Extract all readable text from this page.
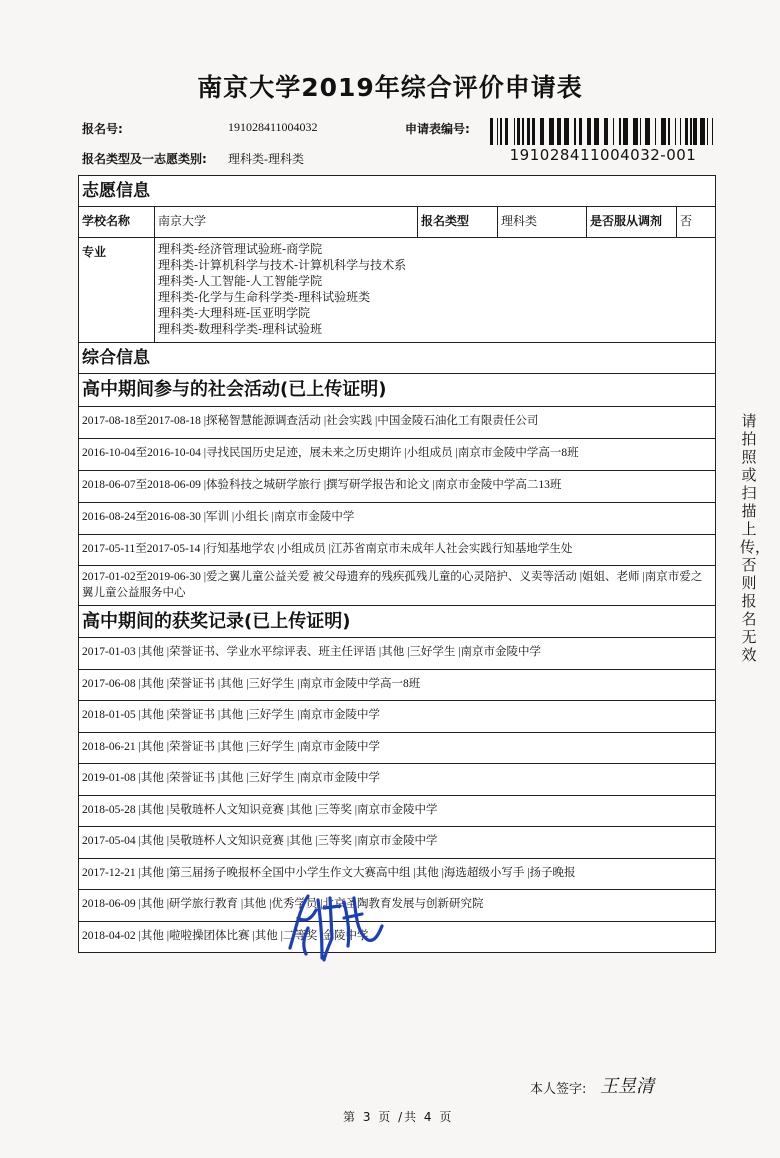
南京大学2019年综合评价申请表
报名号:	191028411004032	申请表编号:
191028411004032-001
报名类型及一志愿类别: 理科类-理科类
志愿信息
学校名称	南京大学	报名类型	理科类	是否服从调剂	否
专业	理科类-经济管理试验班-商学院
理科类-计算机科学与技术-计算机科学与技术系
理科类-人工智能-人工智能学院
理科类-化学与生命科学类-理科试验班类
理科类-大理科班-匡亚明学院
理科类-数理科学类-理科试验班
综合信息
高中期间参与的社会活动(已上传证明)
2017-08-18至2017-08-18 |探秘智慧能源调查活动 |社会实践 |中国金陵石油化工有限责任公司
2016-10-04至2016-10-04 |寻找民国历史足迹，展未来之历史期许 |小组成员 |南京市金陵中学高一8班
2018-06-07至2018-06-09 |体验科技之城研学旅行 |撰写研学报告和论文 |南京市金陵中学高二13班
2016-08-24至2016-08-30 |军训 |小组长 |南京市金陵中学
2017-05-11至2017-05-14 |行知基地学农 |小组成员 |江苏省南京市未成年人社会实践行知基地学生处
2017-01-02至2019-06-30 |爱之翼儿童公益关爱 被父母遗弃的残疾孤残儿童的心灵陪护、义卖等活动 |姐姐、老师 |南京市爱之翼儿童公益服务中心
高中期间的获奖记录(已上传证明)
2017-01-03 |其他 |荣誉证书、学业水平综评表、班主任评语 |其他 |三好学生 |南京市金陵中学
2017-06-08 |其他 |荣誉证书 |其他 |三好学生 |南京市金陵中学高一8班
2018-01-05 |其他 |荣誉证书 |其他 |三好学生 |南京市金陵中学
2018-06-21 |其他 |荣誉证书 |其他 |三好学生 |南京市金陵中学
2019-01-08 |其他 |荣誉证书 |其他 |三好学生 |南京市金陵中学
2018-05-28 |其他 |吴敬琏杯人文知识竞赛 |其他 |三等奖 |南京市金陵中学
2017-05-04 |其他 |吴敬琏杯人文知识竞赛 |其他 |三等奖 |南京市金陵中学
2017-12-21 |其他 |第三届扬子晚报杯全国中小学生作文大赛高中组 |其他 |海选超级小写手 |扬子晚报
2018-06-09 |其他 |研学旅行教育 |其他 |优秀学员 |北京圣陶教育发展与创新研究院
2018-04-02 |其他 |啦啦操团体比赛 |其他 |二等奖 |金陵中学
请拍照或扫描上传，否则报名无效
本人签字: 王昱清
第 3 页 /共 4 页
